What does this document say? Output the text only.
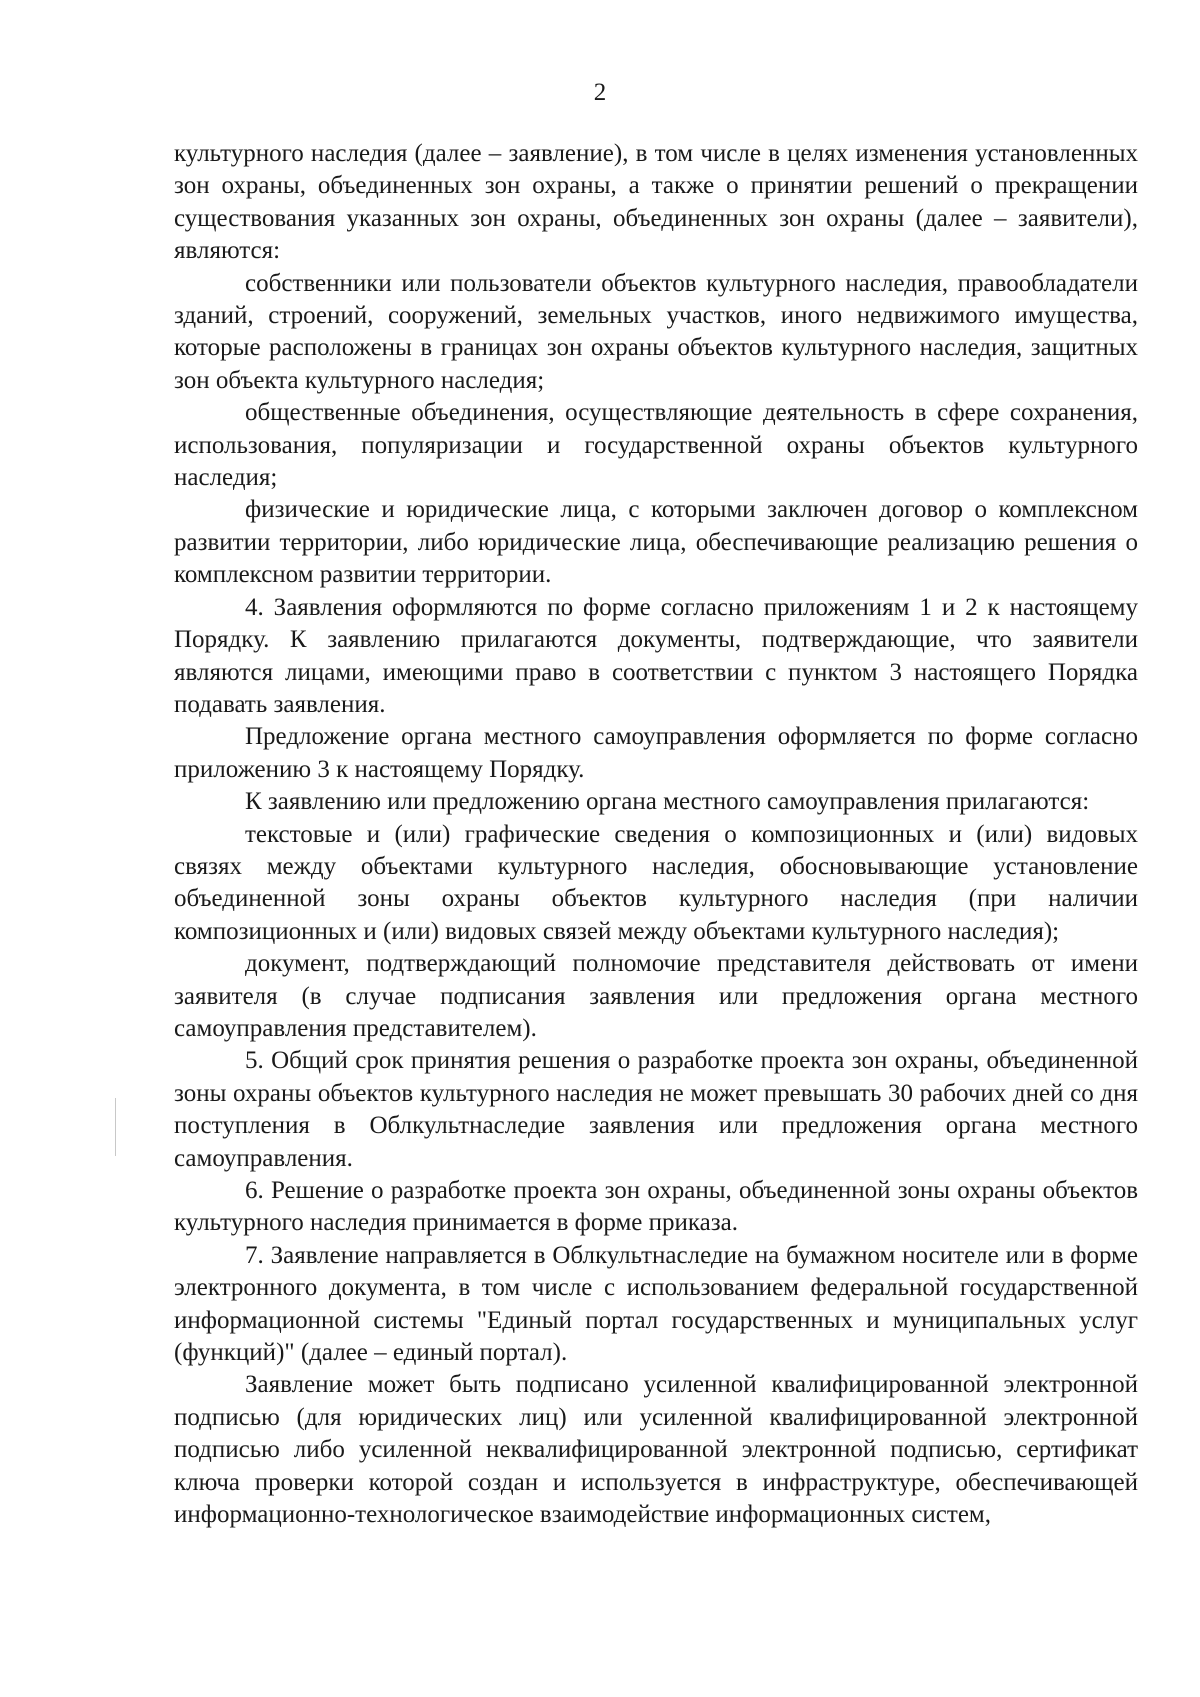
2

культурного наследия (далее – заявление), в том числе в целях изменения установленных зон охраны, объединенных зон охраны, а также о принятии решений о прекращении существования указанных зон охраны, объединенных зон охраны (далее – заявители), являются:

собственники или пользователи объектов культурного наследия, правообладатели зданий, строений, сооружений, земельных участков, иного недвижимого имущества, которые расположены в границах зон охраны объектов культурного наследия, защитных зон объекта культурного наследия;

общественные объединения, осуществляющие деятельность в сфере сохранения, использования, популяризации и государственной охраны объектов культурного наследия;

физические и юридические лица, с которыми заключен договор о комплексном развитии территории, либо юридические лица, обеспечивающие реализацию решения о комплексном развитии территории.

4. Заявления оформляются по форме согласно приложениям 1 и 2 к настоящему Порядку. К заявлению прилагаются документы, подтверждающие, что заявители являются лицами, имеющими право в соответствии с пунктом 3 настоящего Порядка подавать заявления.

Предложение органа местного самоуправления оформляется по форме согласно приложению 3 к настоящему Порядку.

К заявлению или предложению органа местного самоуправления прилагаются:

текстовые и (или) графические сведения о композиционных и (или) видовых связях между объектами культурного наследия, обосновывающие установление объединенной зоны охраны объектов культурного наследия (при наличии композиционных и (или) видовых связей между объектами культурного наследия);

документ, подтверждающий полномочие представителя действовать от имени заявителя (в случае подписания заявления или предложения органа местного самоуправления представителем).

5. Общий срок принятия решения о разработке проекта зон охраны, объединенной зоны охраны объектов культурного наследия не может превышать 30 рабочих дней со дня поступления в Облкультнаследие заявления или предложения органа местного самоуправления.

6. Решение о разработке проекта зон охраны, объединенной зоны охраны объектов культурного наследия принимается в форме приказа.

7. Заявление направляется в Облкультнаследие на бумажном носителе или в форме электронного документа, в том числе с использованием федеральной государственной информационной системы "Единый портал государственных и муниципальных услуг (функций)" (далее – единый портал).

Заявление может быть подписано усиленной квалифицированной электронной подписью (для юридических лиц) или усиленной квалифицированной электронной подписью либо усиленной неквалифицированной электронной подписью, сертификат ключа проверки которой создан и используется в инфраструктуре, обеспечивающей информационно-технологическое взаимодействие информационных систем,
